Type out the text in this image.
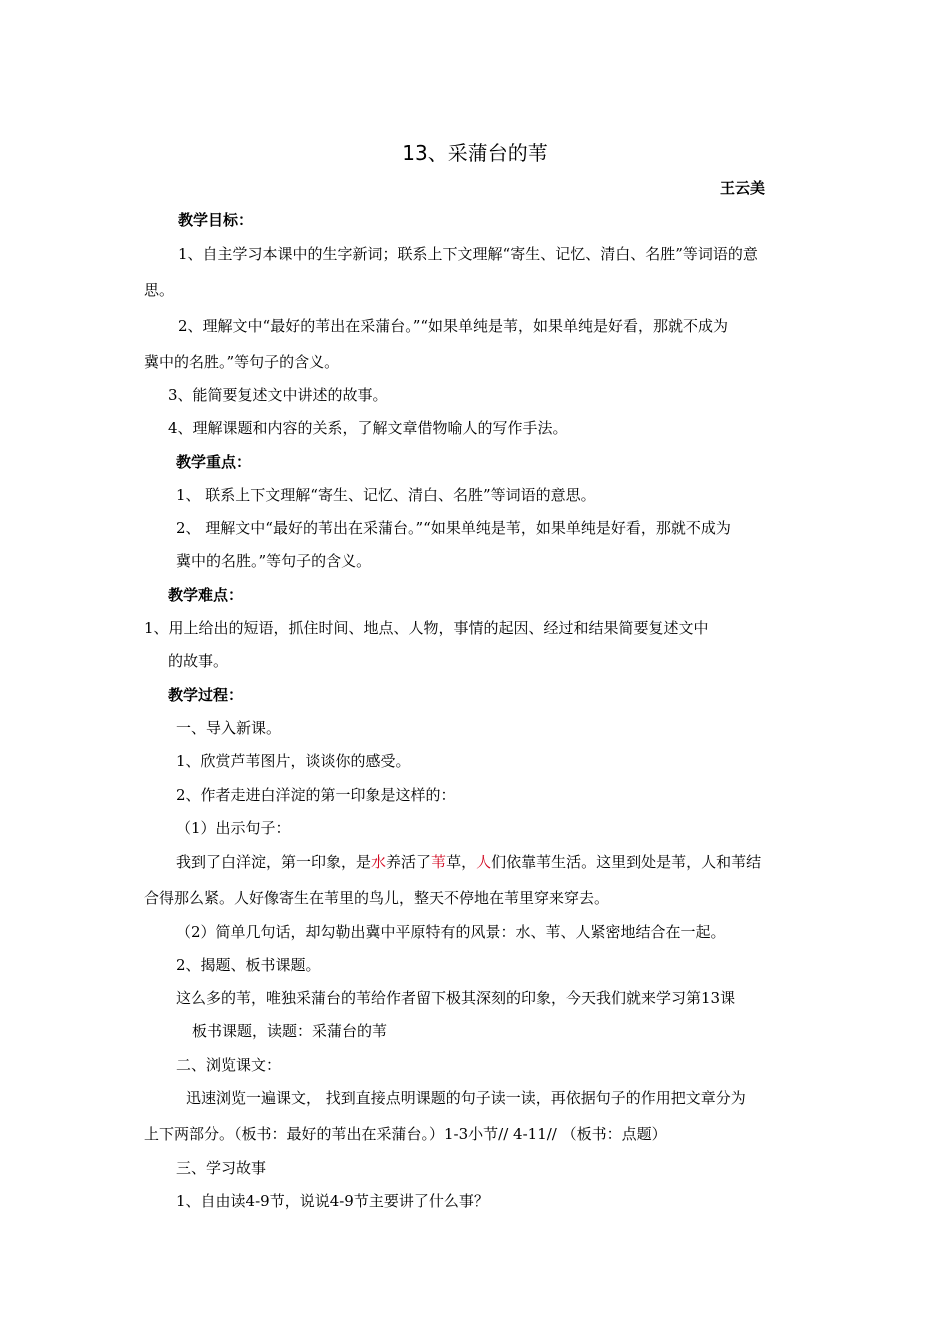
13、采蒲台的苇
王云美
教学目标：
1、自主学习本课中的生字新词；联系上下文理解“寄生、记忆、清白、名胜”等词语的意
思。
2、理解文中“最好的苇出在采蒲台。”“如果单纯是苇，如果单纯是好看，那就不成为
冀中的名胜。”等句子的含义。
3、能简要复述文中讲述的故事。
4、理解课题和内容的关系，了解文章借物喻人的写作手法。
教学重点：
1、 联系上下文理解“寄生、记忆、清白、名胜”等词语的意思。
2、 理解文中“最好的苇出在采蒲台。”“如果单纯是苇，如果单纯是好看，那就不成为
冀中的名胜。”等句子的含义。
教学难点：
1、用上给出的短语，抓住时间、地点、人物，事情的起因、经过和结果简要复述文中
的故事。
教学过程：
一、导入新课。
1、欣赏芦苇图片，谈谈你的感受。
2、作者走进白洋淀的第一印象是这样的：
（1）出示句子：
我到了白洋淀，第一印象，是水养活了苇草，人们依靠苇生活。这里到处是苇，人和苇结
合得那么紧。人好像寄生在苇里的鸟儿，整天不停地在苇里穿来穿去。
（2）简单几句话，却勾勒出冀中平原特有的风景：水、苇、人紧密地结合在一起。
2、揭题、板书课题。
这么多的苇，唯独采蒲台的苇给作者留下极其深刻的印象，今天我们就来学习第13课
板书课题，读题：采蒲台的苇
二、浏览课文：
迅速浏览一遍课文， 找到直接点明课题的句子读一读，再依据句子的作用把文章分为
上下两部分。（板书：最好的苇出在采蒲台。）1-3小节// 4-11// （板书：点题）
三、学习故事
1、自由读4-9节，说说4-9节主要讲了什么事？
